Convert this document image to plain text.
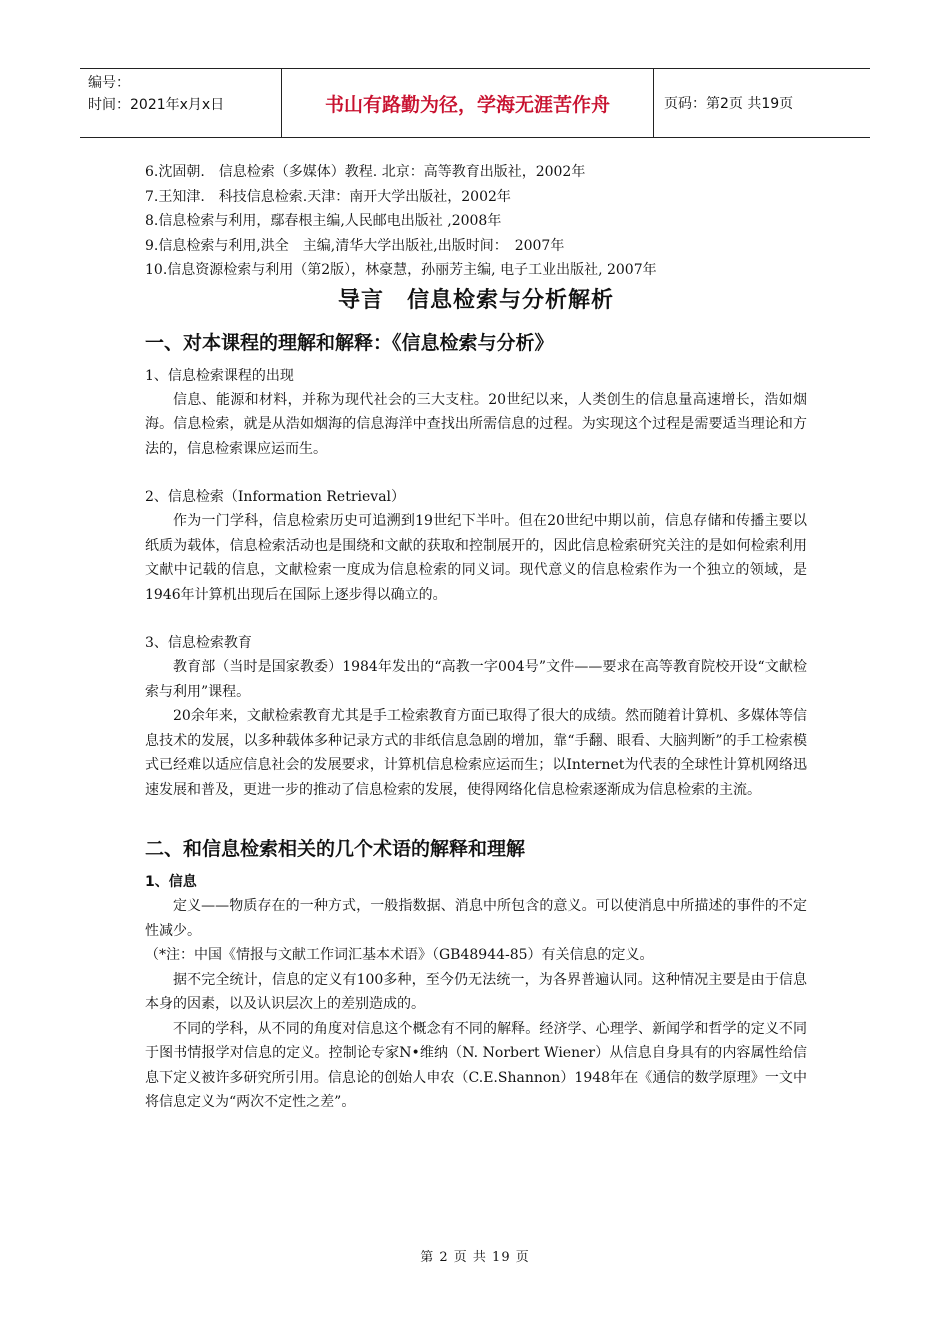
编号：
时间：2021年x月x日	书山有路勤为径，学海无涯苦作舟	页码：第2页 共19页

6.沈固朝.　信息检索（多媒体）教程. 北京：高等教育出版社，2002年

7.王知津.　科技信息检索.天津：南开大学出版社，2002年

8.信息检索与利用，鄢春根主编,人民邮电出版社 ,2008年

9.信息检索与利用,洪全　主编,清华大学出版社,出版时间：　2007年

10.信息资源检索与利用（第2版），林豪慧，孙丽芳主编, 电子工业出版社, 2007年

导言　信息检索与分析解析

一、对本课程的理解和解释：《信息检索与分析》

1、信息检索课程的出现

信息、能源和材料，并称为现代社会的三大支柱。20世纪以来，人类创生的信息量高速增长，浩如烟海。信息检索，就是从浩如烟海的信息海洋中查找出所需信息的过程。为实现这个过程是需要适当理论和方法的，信息检索课应运而生。

2、信息检索（Information Retrieval）

作为一门学科，信息检索历史可追溯到19世纪下半叶。但在20世纪中期以前，信息存储和传播主要以纸质为载体，信息检索活动也是围绕和文献的获取和控制展开的，因此信息检索研究关注的是如何检索利用文献中记载的信息，文献检索一度成为信息检索的同义词。现代意义的信息检索作为一个独立的领域，是1946年计算机出现后在国际上逐步得以确立的。

3、信息检索教育

教育部（当时是国家教委）1984年发出的“高教一字004号”文件——要求在高等教育院校开设“文献检索与利用”课程。

20余年来，文献检索教育尤其是手工检索教育方面已取得了很大的成绩。然而随着计算机、多媒体等信息技术的发展，以多种载体多种记录方式的非纸信息急剧的增加，靠“手翻、眼看、大脑判断”的手工检索模式已经难以适应信息社会的发展要求，计算机信息检索应运而生；以Internet为代表的全球性计算机网络迅速发展和普及，更进一步的推动了信息检索的发展，使得网络化信息检索逐渐成为信息检索的主流。

二、和信息检索相关的几个术语的解释和理解

1、信息

定义——物质存在的一种方式，一般指数据、消息中所包含的意义。可以使消息中所描述的事件的不定性减少。

（*注：中国《情报与文献工作词汇基本术语》（GB48944-85）有关信息的定义。

据不完全统计，信息的定义有100多种，至今仍无法统一，为各界普遍认同。这种情况主要是由于信息本身的因素，以及认识层次上的差别造成的。

不同的学科，从不同的角度对信息这个概念有不同的解释。经济学、心理学、新闻学和哲学的定义不同于图书情报学对信息的定义。控制论专家N•维纳（N. Norbert Wiener）从信息自身具有的内容属性给信息下定义被许多研究所引用。信息论的创始人申农（C.E.Shannon）1948年在《通信的数学原理》一文中将信息定义为“两次不定性之差”。

第 2 页 共 19 页
